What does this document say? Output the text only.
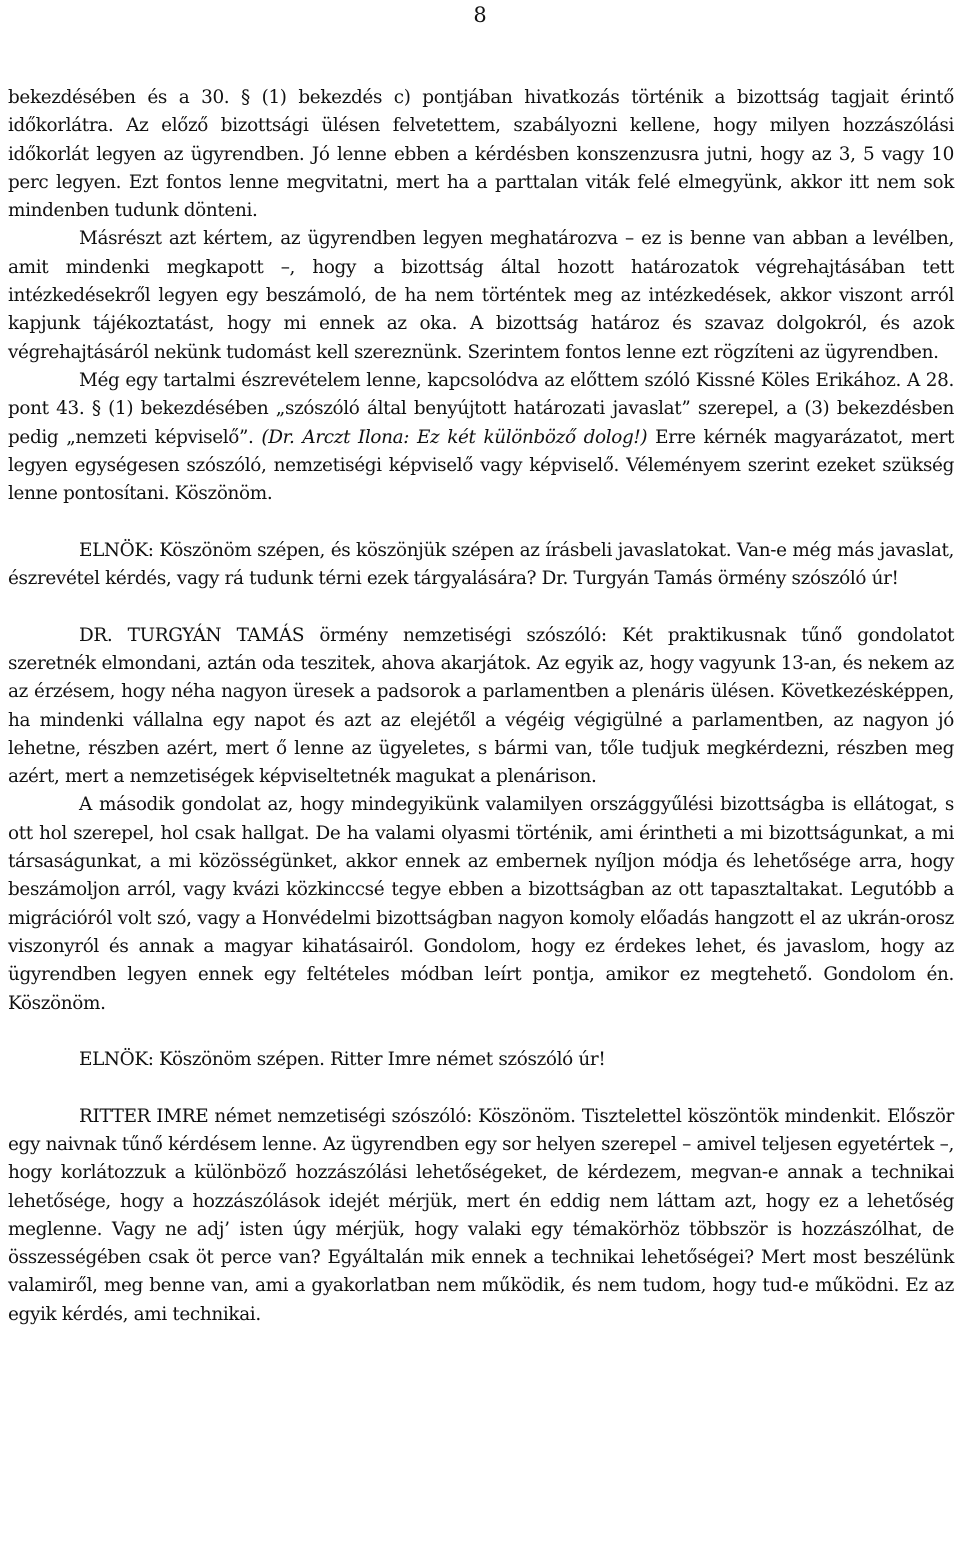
8

bekezdésében és a 30. § (1) bekezdés c) pontjában hivatkozás történik a bizottság tagjait érintő időkorlátra. Az előző bizottsági ülésen felvetettem, szabályozni kellene, hogy milyen hozzászólási időkorlát legyen az ügyrendben. Jó lenne ebben a kérdésben konszenzusra jutni, hogy az 3, 5 vagy 10 perc legyen. Ezt fontos lenne megvitatni, mert ha a parttalan viták felé elmegyünk, akkor itt nem sok mindenben tudunk dönteni.

Másrészt azt kértem, az ügyrendben legyen meghatározva – ez is benne van abban a levélben, amit mindenki megkapott –, hogy a bizottság által hozott határozatok végrehajtásában tett intézkedésekről legyen egy beszámoló, de ha nem történtek meg az intézkedések, akkor viszont arról kapjunk tájékoztatást, hogy mi ennek az oka. A bizottság határoz és szavaz dolgokról, és azok végrehajtásáról nekünk tudomást kell szereznünk. Szerintem fontos lenne ezt rögzíteni az ügyrendben.

Még egy tartalmi észrevételem lenne, kapcsolódva az előttem szóló Kissné Köles Erikához. A 28. pont 43. § (1) bekezdésében „szószóló által benyújtott határozati javaslat” szerepel, a (3) bekezdésben pedig „nemzeti képviselő”. (Dr. Arczt Ilona: Ez két különböző dolog!) Erre kérnék magyarázatot, mert legyen egységesen szószóló, nemzetiségi képviselő vagy képviselő. Véleményem szerint ezeket szükség lenne pontosítani. Köszönöm.

ELNÖK: Köszönöm szépen, és köszönjük szépen az írásbeli javaslatokat. Van-e még más javaslat, észrevétel kérdés, vagy rá tudunk térni ezek tárgyalására? Dr. Turgyán Tamás örmény szószóló úr!

DR. TURGYÁN TAMÁS örmény nemzetiségi szószóló: Két praktikusnak tűnő gondolatot szeretnék elmondani, aztán oda teszitek, ahova akarjátok. Az egyik az, hogy vagyunk 13-an, és nekem az az érzésem, hogy néha nagyon üresek a padsorok a parlamentben a plenáris ülésen. Következésképpen, ha mindenki vállalna egy napot és azt az elejétől a végéig végigülné a parlamentben, az nagyon jó lehetne, részben azért, mert ő lenne az ügyeletes, s bármi van, tőle tudjuk megkérdezni, részben meg azért, mert a nemzetiségek képviseltetnék magukat a plenárison.

A második gondolat az, hogy mindegyikünk valamilyen országgyűlési bizottságba is ellátogat, s ott hol szerepel, hol csak hallgat. De ha valami olyasmi történik, ami érintheti a mi bizottságunkat, a mi társaságunkat, a mi közösségünket, akkor ennek az embernek nyíljon módja és lehetősége arra, hogy beszámoljon arról, vagy kvázi közkinccsé tegye ebben a bizottságban az ott tapasztaltakat. Legutóbb a migrációról volt szó, vagy a Honvédelmi bizottságban nagyon komoly előadás hangzott el az ukrán-orosz viszonyról és annak a magyar kihatásairól. Gondolom, hogy ez érdekes lehet, és javaslom, hogy az ügyrendben legyen ennek egy feltételes módban leírt pontja, amikor ez megtehető. Gondolom én. Köszönöm.

ELNÖK: Köszönöm szépen. Ritter Imre német szószóló úr!

RITTER IMRE német nemzetiségi szószóló: Köszönöm. Tisztelettel köszöntök mindenkit. Először egy naivnak tűnő kérdésem lenne. Az ügyrendben egy sor helyen szerepel – amivel teljesen egyetértek –, hogy korlátozzuk a különböző hozzászólási lehetőségeket, de kérdezem, megvan-e annak a technikai lehetősége, hogy a hozzászólások idejét mérjük, mert én eddig nem láttam azt, hogy ez a lehetőség meglenne. Vagy ne adj’ isten úgy mérjük, hogy valaki egy témakörhöz többször is hozzászólhat, de összességében csak öt perce van? Egyáltalán mik ennek a technikai lehetőségei? Mert most beszélünk valamiről, meg benne van, ami a gyakorlatban nem működik, és nem tudom, hogy tud-e működni. Ez az egyik kérdés, ami technikai.
